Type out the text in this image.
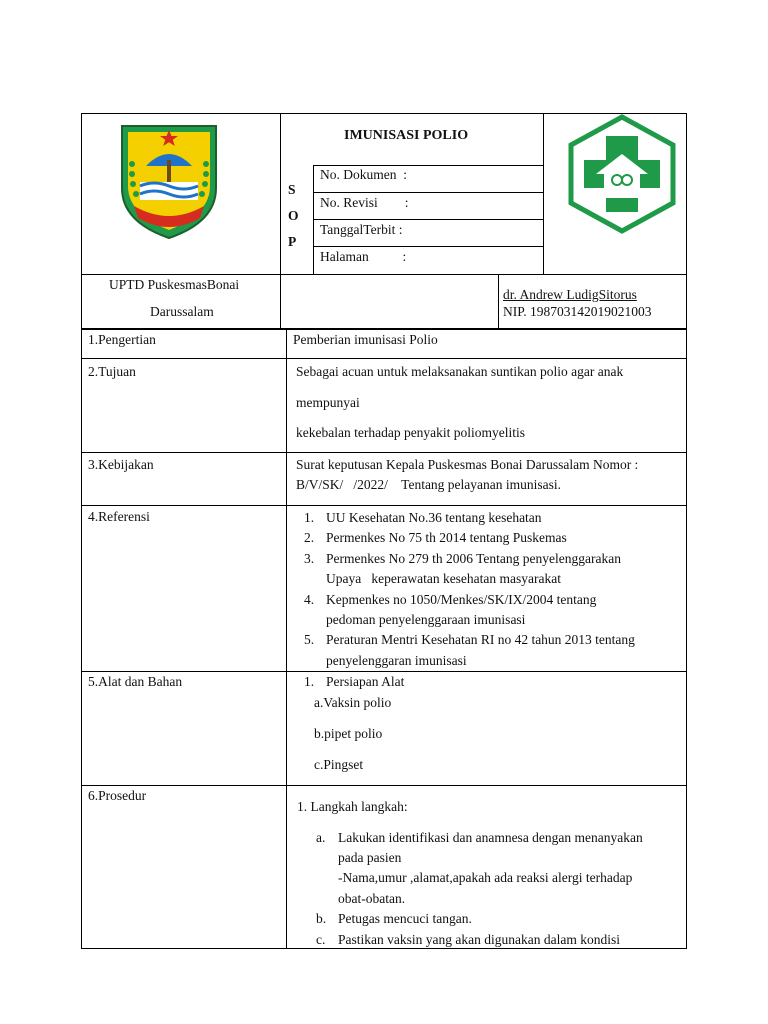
IMUNISASI POLIO
S
O
P
No. Dokumen  :
No. Revisi        :
TanggalTerbit :
Halaman          :
UPTD PuskesmasBonai
Darussalam
dr. Andrew LudigSitorus
NIP. 198703142019021003
1.Pengertian	Pemberian imunisasi Polio
2.Tujuan	Sebagai acuan untuk melaksanakan suntikan polio agar anak
mempunyai
kekebalan terhadap penyakit poliomyelitis
3.Kebijakan	Surat keputusan Kepala Puskesmas Bonai Darussalam Nomor :
B/V/SK/   /2022/    Tentang pelayanan imunisasi.
4.Referensi	1. UU Kesehatan No.36 tentang kesehatan
2. Permenkes No 75 th 2014 tentang Puskemas
3. Permenkes No 279 th 2006 Tentang penyelenggarakan
Upaya   keperawatan kesehatan masyarakat
4. Kepmenkes no 1050/Menkes/SK/IX/2004 tentang
pedoman penyelenggaraan imunisasi
5. Peraturan Mentri Kesehatan RI no 42 tahun 2013 tentang
penyelenggaran imunisasi
5.Alat dan Bahan	1. Persiapan Alat
a.Vaksin polio
b.pipet polio
c.Pingset
6.Prosedur
1. Langkah langkah:
a. Lakukan identifikasi dan anamnesa dengan menanyakan
pada pasien
-Nama,umur ,alamat,apakah ada reaksi alergi terhadap
obat-obatan.
b. Petugas mencuci tangan.
c. Pastikan vaksin yang akan digunakan dalam kondisi
